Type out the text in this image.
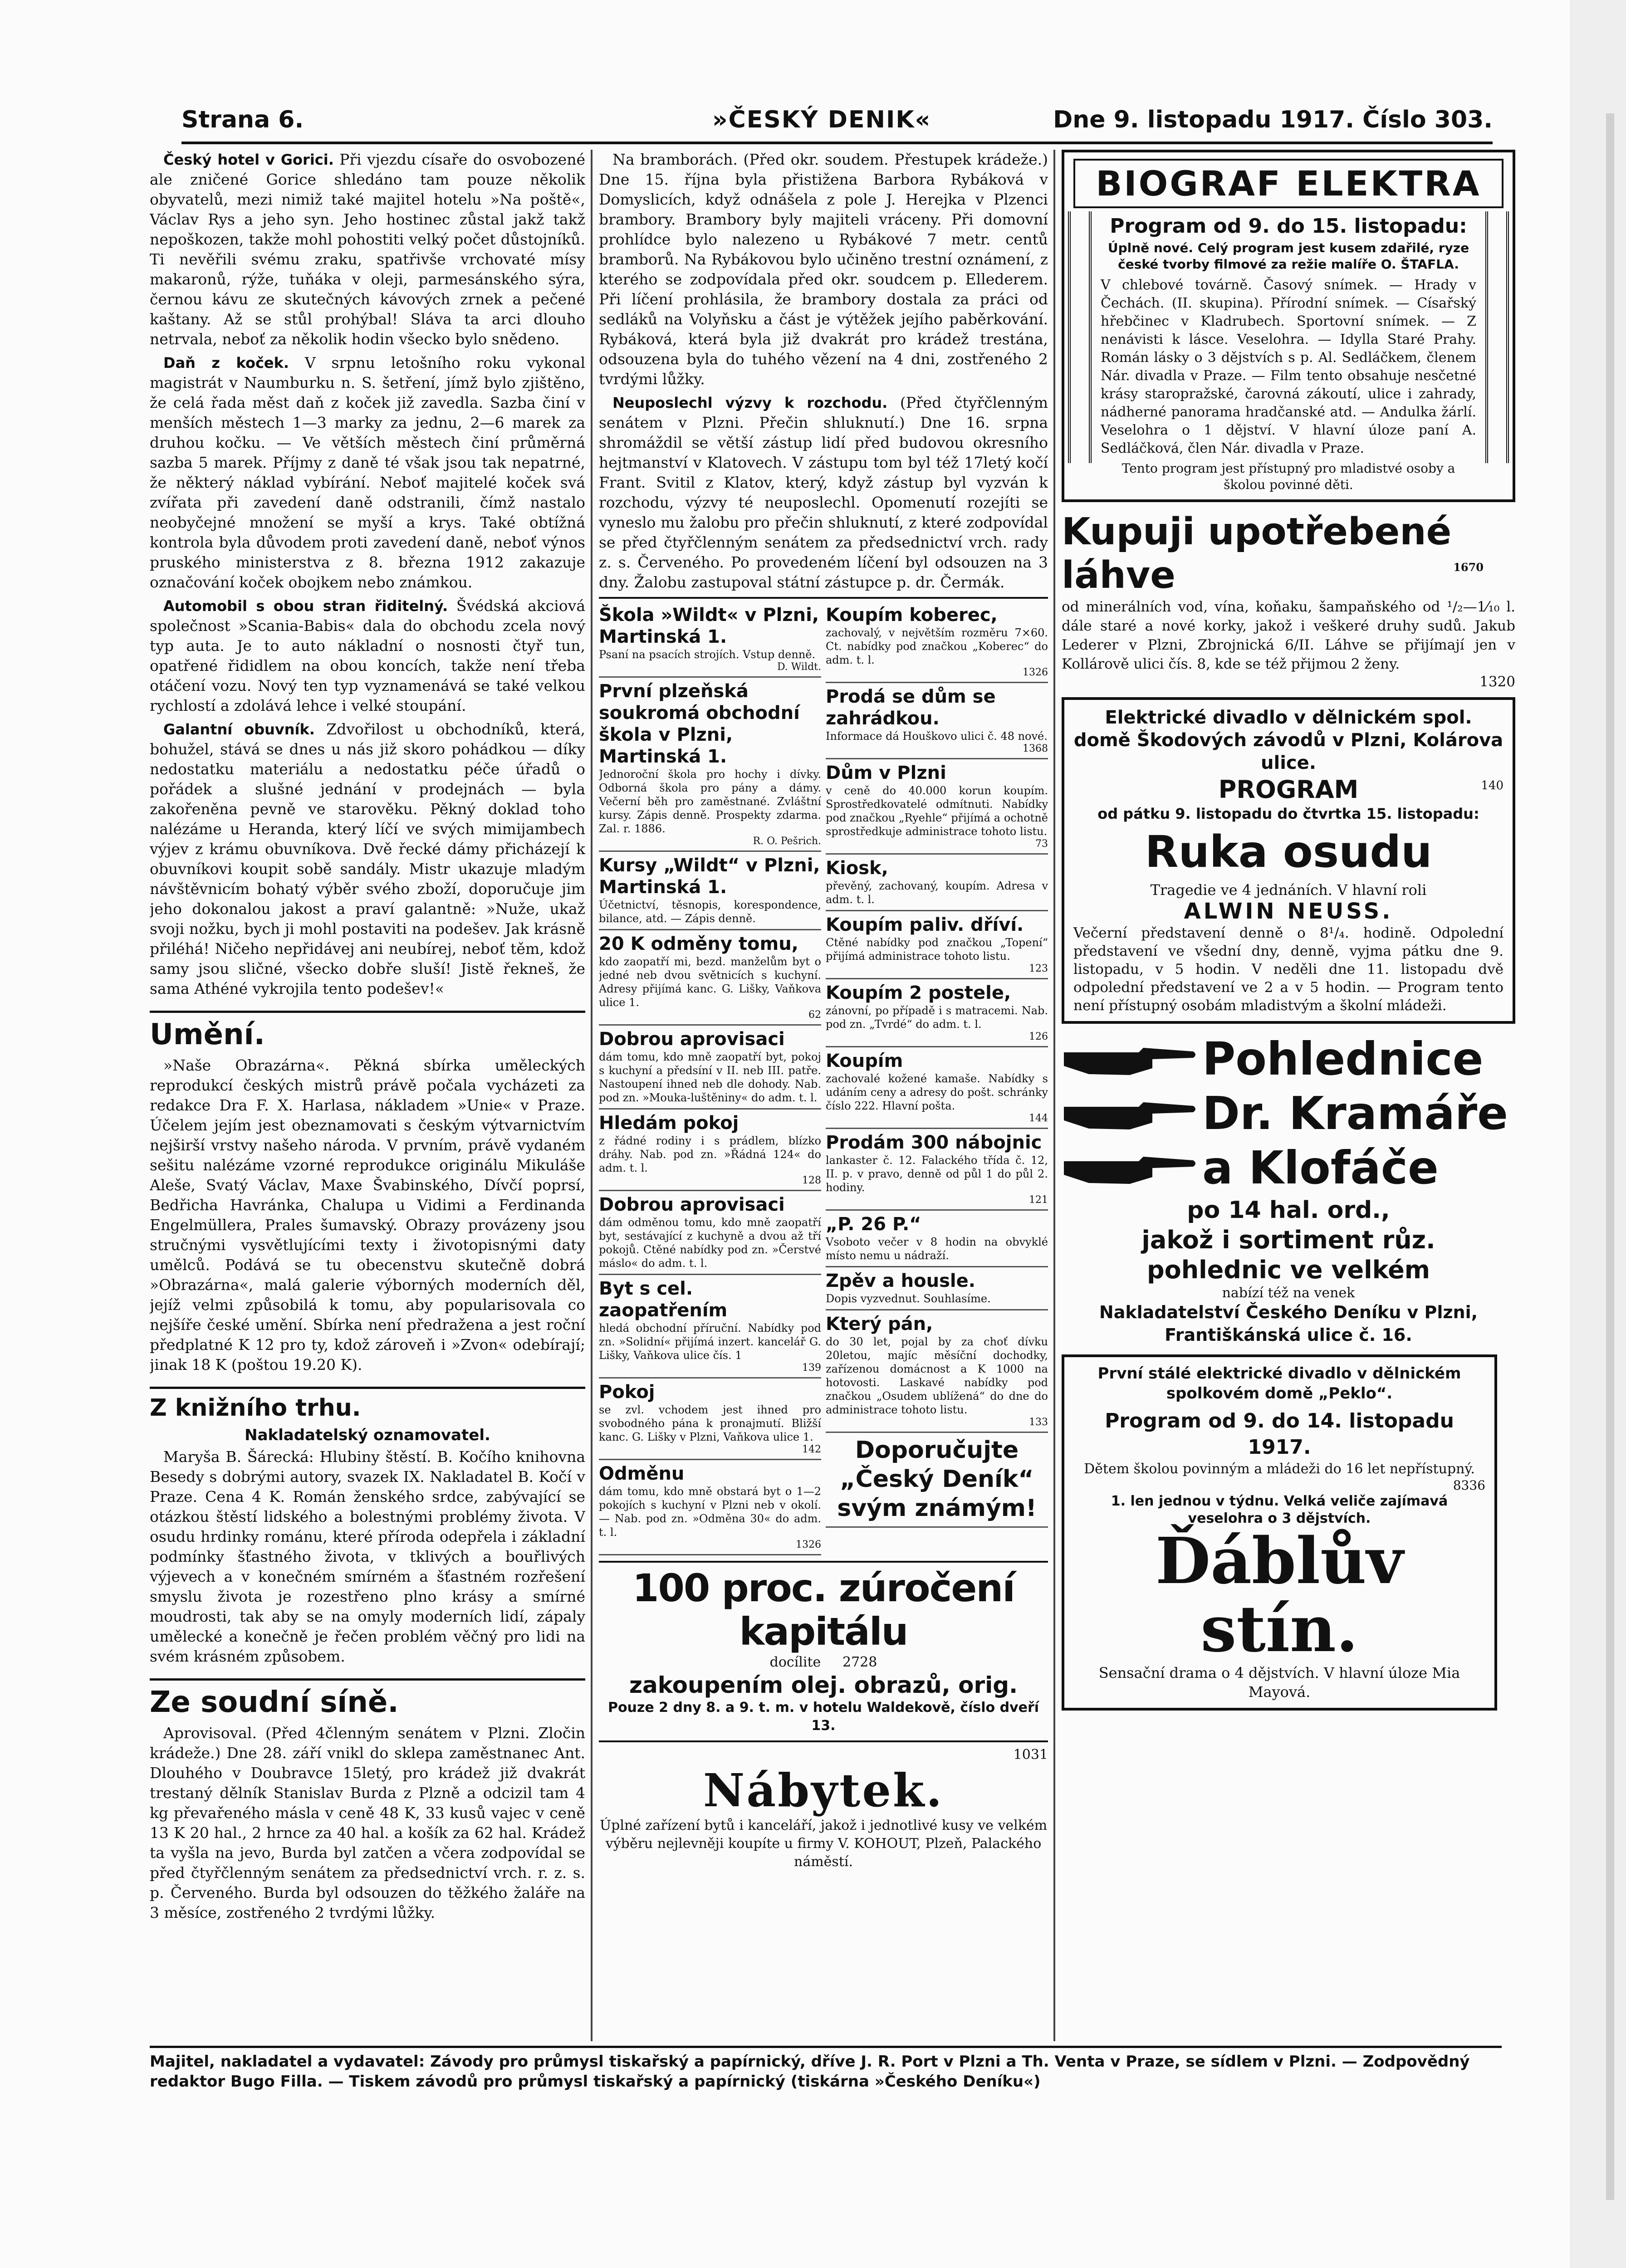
Strana 6.	»ČESKÝ DENIK«	Dne 9. listopadu 1917. Číslo 303.

Český hotel v Gorici. Při vjezdu císaře do osvobozené ale zničené Gorice shledáno tam pouze několik obyvatelů, mezi nimiž také majitel hotelu »Na poště«, Václav Rys a jeho syn. Jeho hostinec zůstal jakž takž nepoškozen, takže mohl pohostiti velký počet důstojníků. Ti nevěřili svému zraku, spatřivše vrchovaté mísy makaronů, rýže, tuňáka v oleji, parmesánského sýra, černou kávu ze skutečných kávových zrnek a pečené kaštany. Až se stůl prohýbal! Sláva ta arci dlouho netrvala, neboť za několik hodin všecko bylo snědeno.

Daň z koček. V srpnu letošního roku vykonal magistrát v Naumburku n. S. šetření, jímž bylo zjištěno, že celá řada měst daň z koček již zavedla. Sazba činí v menších městech 1—3 marky za jednu, 2—6 marek za druhou kočku. — Ve větších městech činí průměrná sazba 5 marek. Příjmy z daně té však jsou tak nepatrné, že některý náklad vybírání. Neboť majitelé koček svá zvířata při zavedení daně odstranili, čímž nastalo neobyčejné množení se myší a krys. Také obtížná kontrola byla důvodem proti zavedení daně, neboť výnos pruského ministerstva z 8. března 1912 zakazuje označování koček obojkem nebo známkou.

Automobil s obou stran řiditelný. Švédská akciová společnost »Scania-Babis« dala do obchodu zcela nový typ auta. Je to auto nákladní o nosnosti čtyř tun, opatřené řididlem na obou koncích, takže není třeba otáčení vozu. Nový ten typ vyznamenává se také velkou rychlostí a zdolává lehce i velké stoupání.

Galantní obuvník. Zdvořilost u obchodníků, která, bohužel, stává se dnes u nás již skoro pohádkou — díky nedostatku materiálu a nedostatku péče úřadů o pořádek a slušné jednání v prodejnách — byla zakořeněna pevně ve starověku. Pěkný doklad toho nalézáme u Heranda, který líčí ve svých mimijambech výjev z krámu obuvníkova. Dvě řecké dámy přicházejí k obuvníkovi koupit sobě sandály. Mistr ukazuje mladým návštěvnicím bohatý výběr svého zboží, doporučuje jim jeho dokonalou jakost a praví galantně: »Nuže, ukaž svoji nožku, bych ji mohl postaviti na podešev. Jak krásně přiléhá! Ničeho nepřidávej ani neubírej, neboť těm, kdož samy jsou sličné, všecko dobře sluší! Jistě řekneš, že sama Athéné vykrojila tento podešev!«

Umění.

»Naše Obrazárna«. Pěkná sbírka uměleckých reprodukcí českých mistrů právě počala vycházeti za redakce Dra F. X. Harlasa, nákladem »Unie« v Praze. Účelem jejím jest obeznamovati s českým výtvarnictvím nejširší vrstvy našeho národa. V prvním, právě vydaném sešitu nalézáme vzorné reprodukce originálu Mikuláše Aleše, Svatý Václav, Maxe Švabinského, Dívčí poprsí, Bedřicha Havránka, Chalupa u Vidimi a Ferdinanda Engelmüllera, Prales šumavský. Obrazy provázeny jsou stručnými vysvětlujícími texty i životopisnými daty umělců. Podává se tu obecenstvu skutečně dobrá »Obrazárna«, malá galerie výborných moderních děl, jejíž velmi způsobilá k tomu, aby popularisovala co nejšíře české umění. Sbírka není předražena a jest roční předplatné K 12 pro ty, kdož zároveň i »Zvon« odebírají; jinak 18 K (poštou 19.20 K).

Z knižního trhu.
Nakladatelský oznamovatel.

Maryša B. Šárecká: Hlubiny štěstí. B. Kočího knihovna Besedy s dobrými autory, svazek IX. Nakladatel B. Kočí v Praze. Cena 4 K. Román ženského srdce, zabývající se otázkou štěstí lidského a bolestnými problémy života. V osudu hrdinky románu, které příroda odepřela i základní podmínky šťastného života, v tklivých a bouřlivých výjevech a v konečném smírném a šťastném rozřešení smyslu života je rozestřeno plno krásy a smírné moudrosti, tak aby se na omyly moderních lidí, zápaly umělecké a konečně je řečen problém věčný pro lidi na svém krásném způsobem.

Ze soudní síně.

Aprovisoval. (Před 4členným senátem v Plzni. Zločin krádeže.) Dne 28. září vnikl do sklepa zaměstnanec Ant. Dlouhého v Doubravce 15letý, pro krádež již dvakrát trestaný dělník Stanislav Burda z Plzně a odcizil tam 4 kg převařeného másla v ceně 48 K, 33 kusů vajec v ceně 13 K 20 hal., 2 hrnce za 40 hal. a košík za 62 hal. Krádež ta vyšla na jevo, Burda byl zatčen a včera zodpovídal se před čtyřčlenným senátem za předsednictví vrch. r. z. s. p. Červeného. Burda byl odsouzen do těžkého žaláře na 3 měsíce, zostřeného 2 tvrdými lůžky.

Na bramborách. (Před okr. soudem. Přestupek krádeže.) Dne 15. října byla přistižena Barbora Rybáková v Domyslicích, když odnášela z pole J. Herejka v Plzenci brambory. Brambory byly majiteli vráceny. Při domovní prohlídce bylo nalezeno u Rybákové 7 metr. centů bramborů. Na Rybákovou bylo učiněno trestní oznámení, z kterého se zodpovídala před okr. soudcem p. Ellederem. Při líčení prohlásila, že brambory dostala za práci od sedláků na Volyňsku a část je výtěžek jejího paběrkování. Rybáková, která byla již dvakrát pro krádež trestána, odsouzena byla do tuhého vězení na 4 dni, zostřeného 2 tvrdými lůžky.

Neuposlechl výzvy k rozchodu. (Před čtyřčlenným senátem v Plzni. Přečin shluknutí.) Dne 16. srpna shromáždil se větší zástup lidí před budovou okresního hejtmanství v Klatovech. V zástupu tom byl též 17letý kočí Frant. Svitil z Klatov, který, když zástup byl vyzván k rozchodu, výzvy té neuposlechl. Opomenutí rozejíti se vyneslo mu žalobu pro přečin shluknutí, z které zodpovídal se před čtyřčlenným senátem za předsednictví vrch. rady z. s. Červeného. Po provedeném líčení byl odsouzen na 3 dny. Žalobu zastupoval státní zástupce p. dr. Čermák.

Škola »Wildt« v Plzni, Martinská 1.
Psaní na psacích strojích. Vstup denně.
D. Wildt.
První plzeňská soukromá obchodní škola v Plzni, Martinská 1.
Jednoroční škola pro hochy i dívky. Odborná škola pro pány a dámy. Večerní běh pro zaměstnané. Zvláštní kursy. Zápis denně. Prospekty zdarma. Zal. r. 1886.
R. O. Pešrich.
Kursy „Wildt“ v Plzni, Martinská 1.
Účetnictví, těsnopis, korespondence, bilance, atd. — Zápis denně.
20 K odměny tomu,
kdo zaopatří mi, bezd. manželům byt o jedné neb dvou světnicích s kuchyní. Adresy přijímá kanc. G. Lišky, Vaňkova ulice 1.
62
Dobrou aprovisaci
dám tomu, kdo mně zaopatří byt, pokoj s kuchyní a předsíní v II. neb III. patře. Nastoupení ihned neb dle dohody. Nab. pod zn. »Mouka-luštěniny« do adm. t. l.
Hledám pokoj
z řádné rodiny i s prádlem, blízko dráhy. Nab. pod zn. »Řádná 124« do adm. t. l.
128
Dobrou aprovisaci
dám odměnou tomu, kdo mně zaopatří byt, sestávající z kuchyně a dvou až tří pokojů. Ctěné nabídky pod zn. »Čerstvé máslo« do adm. t. l.
Byt s cel. zaopatřením
hledá obchodní příruční. Nabídky pod zn. »Solidní« přijímá inzert. kancelář G. Lišky, Vaňkova ulice čís. 1
139
Pokoj
se zvl. vchodem jest ihned pro svobodného pána k pronajmutí. Bližší kanc. G. Lišky v Plzni, Vaňkova ulice 1.
142
Odměnu
dám tomu, kdo mně obstará byt o 1—2 pokojích s kuchyní v Plzni neb v okolí. — Nab. pod zn. »Odměna 30« do adm. t. l.
1326
Koupím koberec,
zachovalý, v největším rozměru 7×60. Ct. nabídky pod značkou „Koberec“ do adm. t. l.
1326
Prodá se dům se zahrádkou.
Informace dá Houškovo ulici č. 48 nové.
1368
Dům v Plzni
v ceně do 40.000 korun koupím. Sprostředkovatelé odmítnuti. Nabídky pod značkou „Ryehle“ přijímá a ochotně sprostředkuje administrace tohoto listu.
73
Kiosk,
převěný, zachovaný, koupím. Adresa v adm. t. l.
Koupím paliv. dříví.
Ctěné nabídky pod značkou „Topení“ přijímá administrace tohoto listu.
123
Koupím 2 postele,
zánovní, po případě i s matracemi. Nab. pod zn. „Tvrdé“ do adm. t. l.
126
Koupím
zachovalé kožené kamaše. Nabídky s udáním ceny a adresy do pošt. schránky číslo 222. Hlavní pošta.
144
Prodám 300 nábojnic
lankaster č. 12. Falackého třída č. 12, II. p. v pravo, denně od půl 1 do půl 2. hodiny.
121
„P. 26 P.“
Vsoboto večer v 8 hodin na obvyklé místo nemu u nádraží.
Zpěv a housle.
Dopis vyzvednut. Souhlasíme.
Který pán,
do 30 let, pojal by za choť dívku 20letou, majíc měsíční dochodky, zařízenou domácnost a K 1000 na hotovosti. Laskavé nabídky pod značkou „Osudem ublížená“ do dne do administrace tohoto listu.
133
Doporučujte „Český Deník“ svým známým!
100 proc. zúročení kapitálu
docílite 2728
zakoupením olej. obrazů, orig.
Pouze 2 dny 8. a 9. t. m. v hotelu Waldekově, číslo dveří 13.
1031
Nábytek.
Úplné zařízení bytů i kanceláří, jakož i jednotlivé kusy ve velkém výběru nejlevněji koupíte u firmy V. KOHOUT, Plzeň, Palackého náměstí.
BIOGRAF ELEKTRA
Program od 9. do 15. listopadu:
Úplně nové. Celý program jest kusem zdařilé, ryze české tvorby filmové za režie malíře O. ŠTAFLA.
V chlebové továrně. Časový snímek. — Hrady v Čechách. (II. skupina). Přírodní snímek. — Císařský hřebčinec v Kladrubech. Sportovní snímek. — Z nenávisti k lásce. Veselohra. — Idylla Staré Prahy. Román lásky o 3 dějstvích s p. Al. Sedláčkem, členem Nár. divadla v Praze. — Film tento obsahuje nesčetné krásy staropražské, čarovná zákoutí, ulice i zahrady, nádherné panorama hradčanské atd. — Andulka žárlí. Veselohra o 1 dějství. V hlavní úloze paní A. Sedláčková, člen Nár. divadla v Praze.
Tento program jest přístupný pro mladistvé osoby a školou povinné děti.
1670
Kupuji upotřebené láhve
od minerálních vod, vína, koňaku, šampaňského od ¹/₂—1⁄₁₀ l. dále staré a nové korky, jakož i veškeré druhy sudů. Jakub Lederer v Plzni, Zbrojnická 6/II. Láhve se přijímají jen v Kollárově ulici čís. 8, kde se též přijmou 2 ženy.
1320
Elektrické divadlo v dělnickém spol. domě Škodových závodů v Plzni, Kolárova ulice.
PROGRAM	140
od pátku 9. listopadu do čtvrtka 15. listopadu:
Ruka osudu
Tragedie ve 4 jednáních. V hlavní roli
ALWIN NEUSS.
Večerní představení denně o 8¹/₄. hodině. Odpolední představení ve všední dny, denně, vyjma pátku dne 9. listopadu, v 5 hodin. V neděli dne 11. listopadu dvě odpolední představení ve 2 a v 5 hodin. — Program tento není přístupný osobám mladistvým a školní mládeži.
Pohlednice
Dr. Kramáře
a Klofáče
po 14 hal. ord.,
jakož i sortiment růz.
pohlednic ve velkém
nabízí též na venek
Nakladatelství Českého Deníku v Plzni,
Františkánská ulice č. 16.
První stálé elektrické divadlo v dělnickém spolkovém domě „Peklo“.
Program od 9. do 14. listopadu 1917.
Dětem školou povinným a mládeži do 16 let nepřístupný.
8336
1. len jednou v týdnu. Velká veliče zajímavá veselohra o 3 dějstvích.
Ďáblův stín.
Sensační drama o 4 dějstvích. V hlavní úloze Mia Mayová.
Majitel, nakladatel a vydavatel: Závody pro průmysl tiskařský a papírnický, dříve J. R. Port v Plzni a Th. Venta v Praze, se sídlem v Plzni. — Zodpovědný redaktor Bugo Filla. — Tiskem závodů pro průmysl tiskařský a papírnický (tiskárna »Českého Deníku«)
